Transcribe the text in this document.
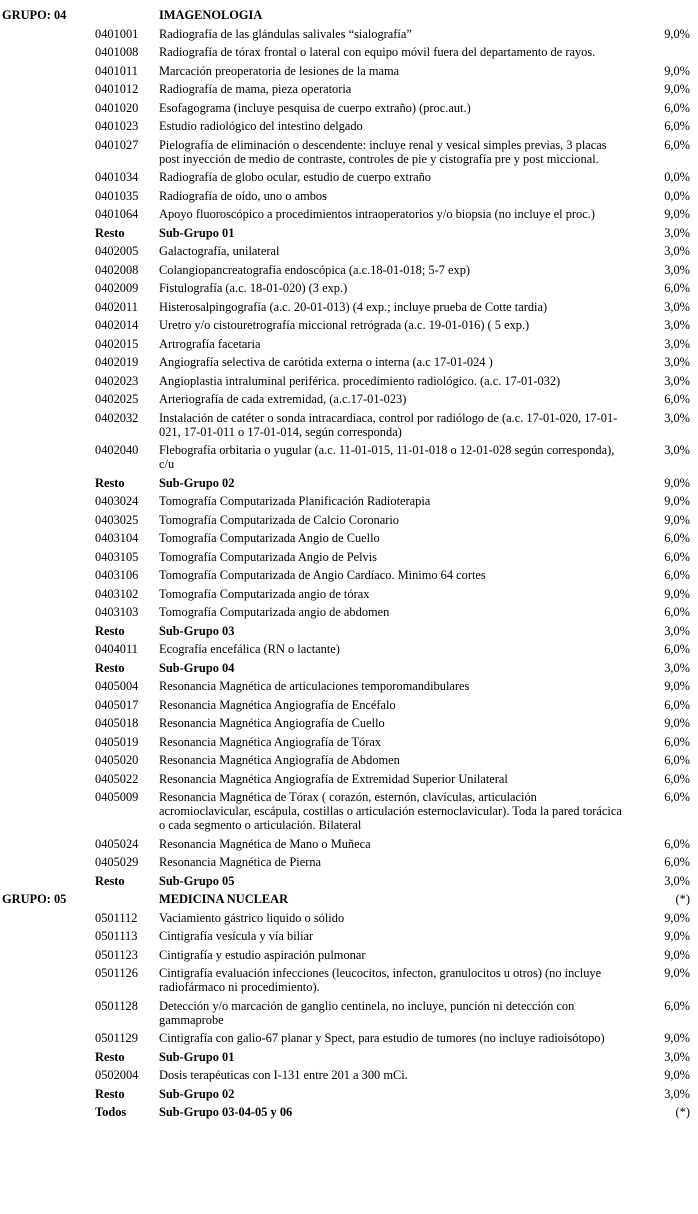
GRUPO: 04	IMAGENOLOGIA
0401001	Radiografía de las glándulas salivales “sialografía”	9,0%
0401008	Radiografía de tórax frontal o lateral con equipo móvil fuera del departamento de rayos.
0401011	Marcación preoperatoria de lesiones de la mama	9,0%
0401012	Radiografía de mama, pieza operatoria	9,0%
0401020	Esofagograma (incluye pesquisa de cuerpo extraño) (proc.aut.)	6,0%
0401023	Estudio radiológico del intestino delgado	6,0%
0401027	Pielografía de eliminación o descendente: incluye renal y vesical simples previas, 3 placas post inyección de medio de contraste, controles de pie y cistografía pre y post miccional.
6,0%
0401034	Radiografía de globo ocular, estudio de cuerpo extraño	0,0%
0401035	Radiografía de oído, uno o ambos	0,0%
0401064	Apoyo fluoroscópico a procedimientos intraoperatorios y/o biopsia (no incluye el proc.)	9,0%
Resto	Sub-Grupo 01	3,0%
0402005	Galactografía, unilateral	3,0%
0402008	Colangiopancreatografía endoscópica (a.c.18-01-018; 5-7 exp)	3,0%
0402009	Fistulografía (a.c. 18-01-020) (3 exp.)	6,0%
0402011	Histerosalpingografía (a.c. 20-01-013) (4 exp.; incluye prueba de Cotte tardia)	3,0%
0402014	Uretro y/o cistouretrografía miccional retrógrada (a.c. 19-01-016) ( 5 exp.)	3,0%
0402015	Artrografía facetaria	3,0%
0402019	Angiografía selectiva de carótida externa o interna (a.c 17-01-024 )	3,0%
0402023	Angioplastia intraluminal periférica. procedimiento radiológico. (a.c. 17-01-032)	3,0%
0402025	Arteriografía de cada extremidad, (a.c.17-01-023)	6,0%
0402032	Instalación de catéter o sonda intracardiaca, control por radiólogo de (a.c. 17-01-020, 17-01-021, 17-01-011 o 17-01-014, según corresponda)
3,0%
0402040	Flebografía orbitaria o yugular (a.c. 11-01-015, 11-01-018 o 12-01-028 según corresponda), c/u
3,0%
Resto	Sub-Grupo 02	9,0%
0403024	Tomografía Computarizada Planificación Radioterapia	9,0%
0403025	Tomografía Computarizada de Calcio Coronario	9,0%
0403104	Tomografía Computarizada Angio de Cuello	6,0%
0403105	Tomografía Computarizada Angio de Pelvis	6,0%
0403106	Tomografía Computarizada de Angio Cardíaco. Minimo 64 cortes	6,0%
0403102	Tomografía Computarizada angio de tórax	9,0%
0403103	Tomografía Computarizada angio de abdomen	6,0%
Resto	Sub-Grupo 03	3,0%
0404011	Ecografía encefálica (RN o lactante)	6,0%
Resto	Sub-Grupo 04	3,0%
0405004	Resonancia Magnética de articulaciones temporomandibulares	9,0%
0405017	Resonancia Magnética Angiografía de Encéfalo	6,0%
0405018	Resonancia Magnética Angiografía de Cuello	9,0%
0405019	Resonancia Magnética Angiografía de Tórax	6,0%
0405020	Resonancia Magnética Angiografía de Abdomen	6,0%
0405022	Resonancia Magnética Angiografía de Extremidad Superior Unilateral	6,0%
0405009	Resonancia Magnética de Tórax ( corazón, esternón, clavículas, articulación acromioclavicular, escápula, costillas o articulación esternoclavicular). Toda la pared torácica o cada segmento o articulación. Bilateral
6,0%
0405024	Resonancia Magnética de Mano o Muñeca	6,0%
0405029	Resonancia Magnética de Pierna	6,0%
Resto	Sub-Grupo 05	3,0%
GRUPO: 05	MEDICINA NUCLEAR	(*)
0501112	Vaciamiento gástrico liquido o sólido	9,0%
0501113	Cintigrafía vesícula y vía biliar	9,0%
0501123	Cintigrafía y estudio aspiración pulmonar	9,0%
0501126	Cintigrafía evaluación infecciones (leucocitos, infecton, granulocitos u otros) (no incluye radiofármaco ni procedimiento).
9,0%
0501128	Detección y/o marcación de ganglio centinela, no incluye, punción ni detección con gammaprobe
6,0%
0501129	Cintigrafía con galio-67 planar y Spect, para estudio de tumores (no incluye radioisótopo)	9,0%
Resto	Sub-Grupo 01	3,0%
0502004	Dosis terapéuticas con I-131 entre 201 a 300 mCi.	9,0%
Resto	Sub-Grupo 02	3,0%
Todos	Sub-Grupo 03-04-05 y 06	(*)
